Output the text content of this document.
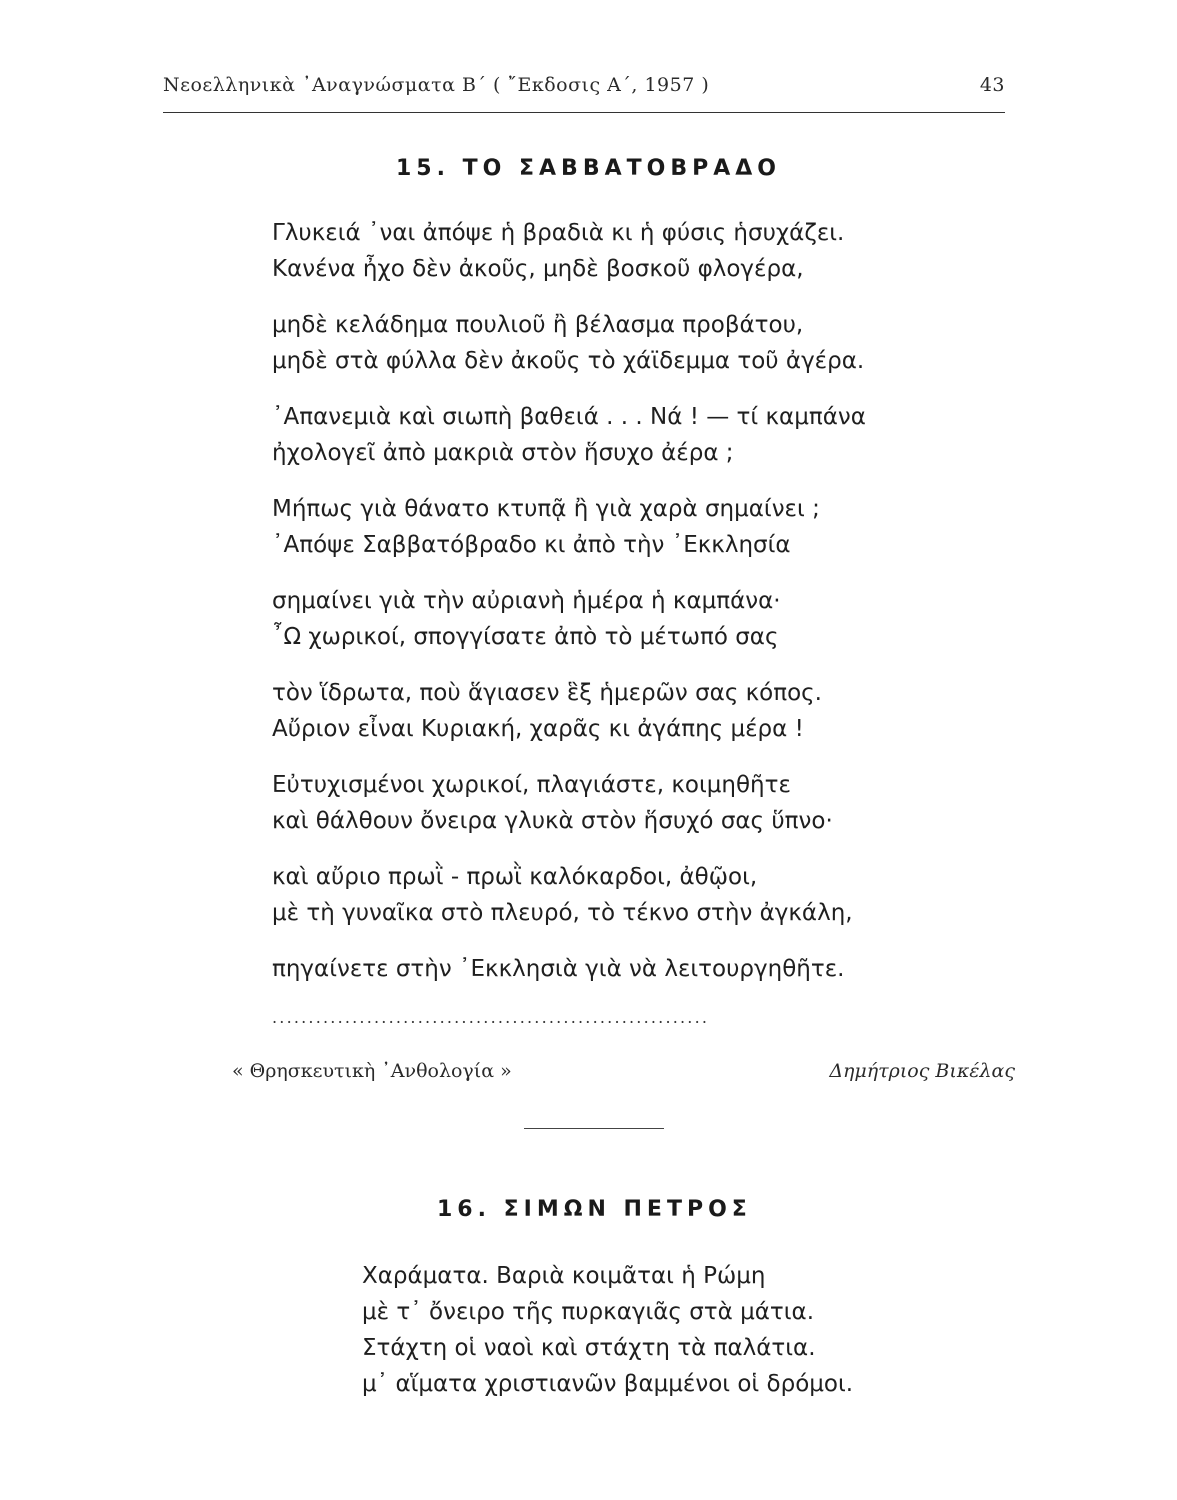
Νεοελληνικὰ ᾿Αναγνώσματα Β΄ ( ῎Εκδοσις Α΄, 1957 )	43
15. ΤΟ ΣΑΒΒΑΤΟΒΡΑΔΟ
Γλυκειά ᾿ναι ἀπόψε ἡ βραδιὰ κι ἡ φύσις ἡσυχάζει.
Κανένα ἦχο δὲν ἀκοῦς, μηδὲ βοσκοῦ φλογέρα,
μηδὲ κελάδημα πουλιοῦ ἢ βέλασμα προβάτου,
μηδὲ στὰ φύλλα δὲν ἀκοῦς τὸ χάϊδεμμα τοῦ ἀγέρα.
᾿Απανεμιὰ καὶ σιωπὴ βαθειά . . . Νά ! — τί καμπάνα
ἠχολογεῖ ἀπὸ μακριὰ στὸν ἥσυχο ἀέρα ;
Μήπως γιὰ θάνατο κτυπᾷ ἢ γιὰ χαρὰ σημαίνει ;
᾿Απόψε Σαββατόβραδο κι ἀπὸ τὴν ᾿Εκκλησία
σημαίνει γιὰ τὴν αὐριανὴ ἡμέρα ἡ καμπάνα·
῏Ω χωρικοί, σπογγίσατε ἀπὸ τὸ μέτωπό σας
τὸν ἵδρωτα, ποὺ ἅγιασεν ἓξ ἡμερῶν σας κόπος.
Αὔριον εἶναι Κυριακή, χαρᾶς κι ἀγάπης μέρα !
Εὐτυχισμένοι χωρικοί, πλαγιάστε, κοιμηθῆτε
καὶ θάλθουν ὄνειρα γλυκὰ στὸν ἥσυχό σας ὕπνο·
καὶ αὔριο πρωῒ - πρωῒ καλόκαρδοι, ἀθῷοι,
μὲ τὴ γυναῖκα στὸ πλευρό, τὸ τέκνο στὴν ἀγκάλη,
πηγαίνετε στὴν ᾿Εκκλησιὰ γιὰ νὰ λειτουργηθῆτε.
............................................................
« Θρησκευτικὴ ᾿Ανθολογία »	Δημήτριος Βικέλας
16. ΣΙΜΩΝ ΠΕΤΡΟΣ
Χαράματα. Βαριὰ κοιμᾶται ἡ Ρώμη
μὲ τ᾿ ὄνειρο τῆς πυρκαγιᾶς στὰ μάτια.
Στάχτη οἱ ναοὶ καὶ στάχτη τὰ παλάτια.
μ᾿ αἵματα χριστιανῶν βαμμένοι οἱ δρόμοι.
